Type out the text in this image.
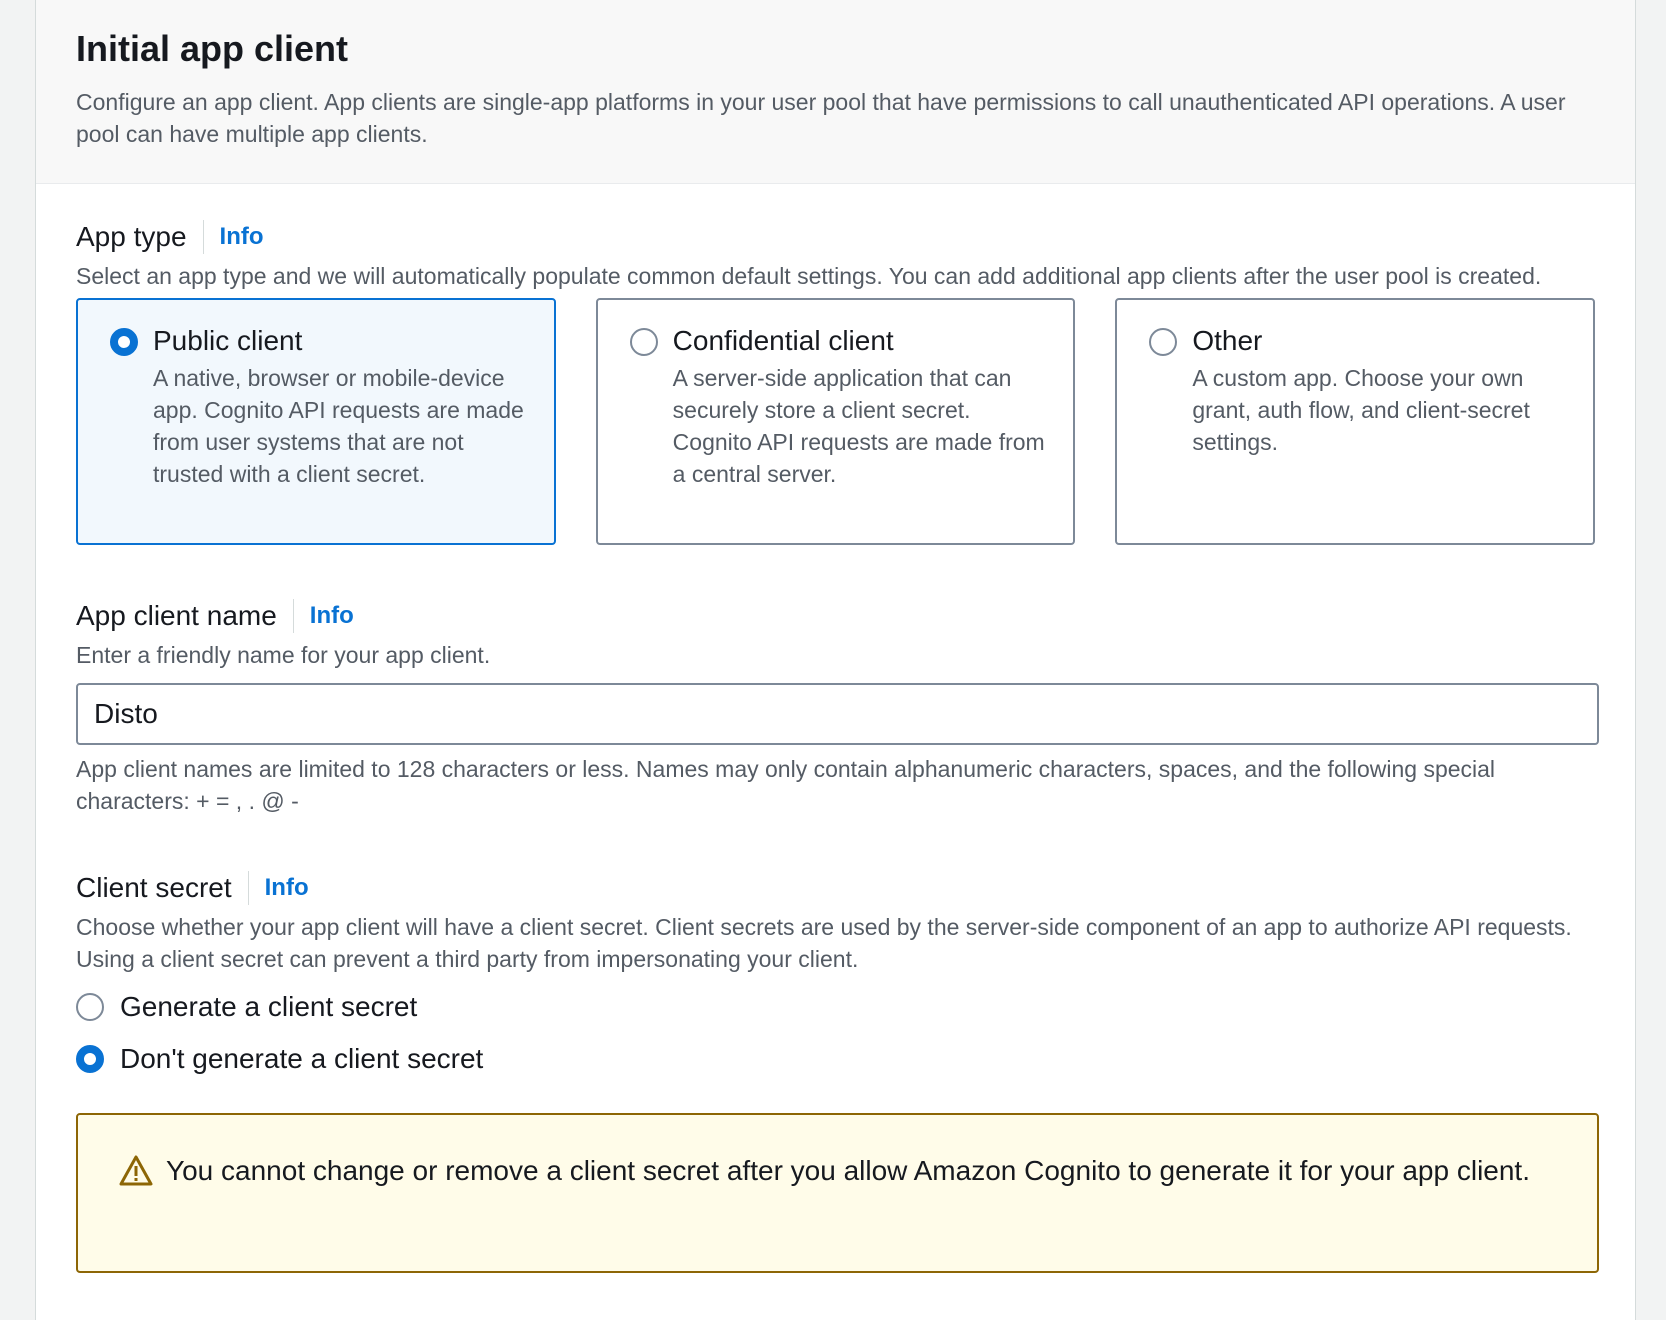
Initial app client
Configure an app client. App clients are single-app platforms in your user pool that have permissions to call unauthenticated API operations. A user pool can have multiple app clients.
App type Info
Select an app type and we will automatically populate common default settings. You can add additional app clients after the user pool is created.
Public client
A native, browser or mobile-device app. Cognito API requests are made from user systems that are not trusted with a client secret.
Confidential client
A server-side application that can securely store a client secret. Cognito API requests are made from a central server.
Other
A custom app. Choose your own grant, auth flow, and client-secret settings.
App client name Info
Enter a friendly name for your app client.
Disto
App client names are limited to 128 characters or less. Names may only contain alphanumeric characters, spaces, and the following special characters: + = , . @ -
Client secret Info
Choose whether your app client will have a client secret. Client secrets are used by the server-side component of an app to authorize API requests. Using a client secret can prevent a third party from impersonating your client.
Generate a client secret
Don't generate a client secret
You cannot change or remove a client secret after you allow Amazon Cognito to generate it for your app client.
